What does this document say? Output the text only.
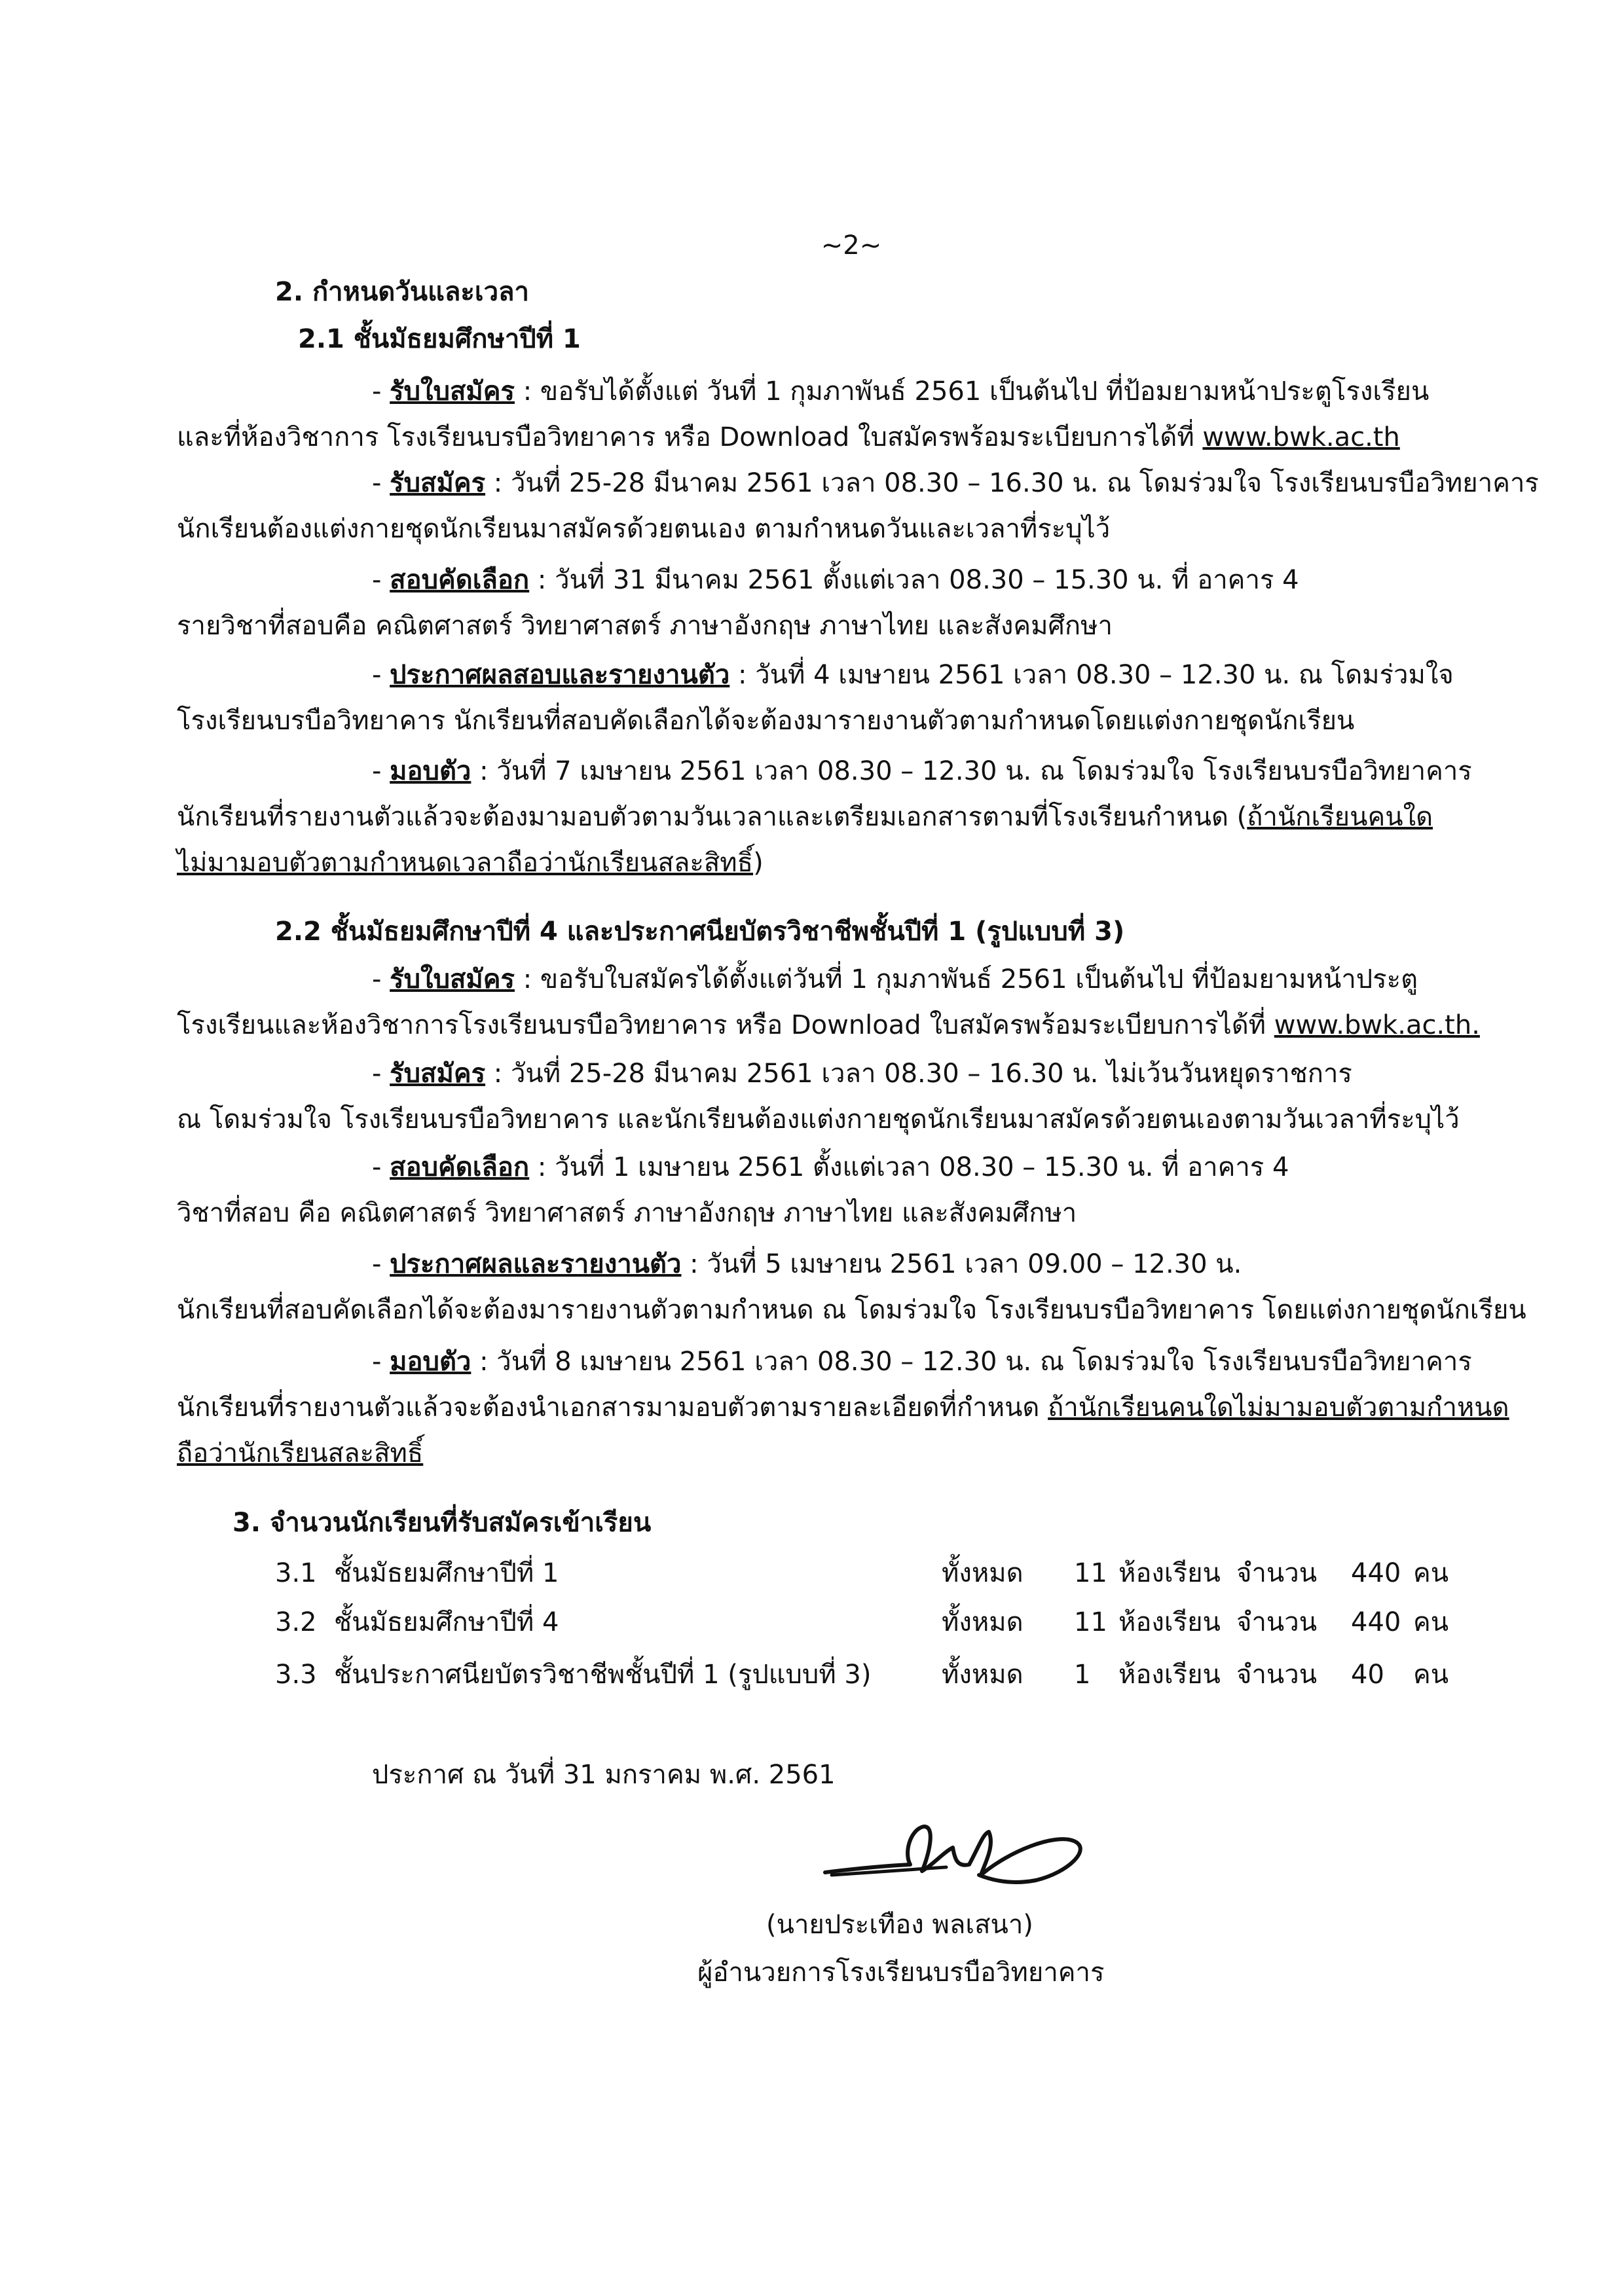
~2~
2. กำหนดวันและเวลา
2.1 ชั้นมัธยมศึกษาปีที่ 1
- รับใบสมัคร : ขอรับได้ตั้งแต่ วันที่ 1 กุมภาพันธ์ 2561 เป็นต้นไป ที่ป้อมยามหน้าประตูโรงเรียน
และที่ห้องวิชาการ โรงเรียนบรบือวิทยาคาร หรือ Download ใบสมัครพร้อมระเบียบการได้ที่ www.bwk.ac.th
- รับสมัคร : วันที่ 25-28 มีนาคม 2561 เวลา 08.30 – 16.30 น. ณ โดมร่วมใจ โรงเรียนบรบือวิทยาคาร
นักเรียนต้องแต่งกายชุดนักเรียนมาสมัครด้วยตนเอง ตามกำหนดวันและเวลาที่ระบุไว้
- สอบคัดเลือก : วันที่ 31 มีนาคม 2561 ตั้งแต่เวลา 08.30 – 15.30 น. ที่ อาคาร 4
รายวิชาที่สอบคือ คณิตศาสตร์ วิทยาศาสตร์ ภาษาอังกฤษ ภาษาไทย และสังคมศึกษา
- ประกาศผลสอบและรายงานตัว : วันที่ 4 เมษายน 2561 เวลา 08.30 – 12.30 น. ณ โดมร่วมใจ
โรงเรียนบรบือวิทยาคาร นักเรียนที่สอบคัดเลือกได้จะต้องมารายงานตัวตามกำหนดโดยแต่งกายชุดนักเรียน
- มอบตัว : วันที่ 7 เมษายน 2561 เวลา 08.30 – 12.30 น. ณ โดมร่วมใจ โรงเรียนบรบือวิทยาคาร
นักเรียนที่รายงานตัวแล้วจะต้องมามอบตัวตามวันเวลาและเตรียมเอกสารตามที่โรงเรียนกำหนด (ถ้านักเรียนคนใด
ไม่มามอบตัวตามกำหนดเวลาถือว่านักเรียนสละสิทธิ์)
2.2 ชั้นมัธยมศึกษาปีที่ 4 และประกาศนียบัตรวิชาชีพชั้นปีที่ 1 (รูปแบบที่ 3)
- รับใบสมัคร : ขอรับใบสมัครได้ตั้งแต่วันที่ 1 กุมภาพันธ์ 2561 เป็นต้นไป ที่ป้อมยามหน้าประตู
โรงเรียนและห้องวิชาการโรงเรียนบรบือวิทยาคาร หรือ Download ใบสมัครพร้อมระเบียบการได้ที่ www.bwk.ac.th.
- รับสมัคร : วันที่ 25-28 มีนาคม 2561 เวลา 08.30 – 16.30 น. ไม่เว้นวันหยุดราชการ
ณ โดมร่วมใจ โรงเรียนบรบือวิทยาคาร และนักเรียนต้องแต่งกายชุดนักเรียนมาสมัครด้วยตนเองตามวันเวลาที่ระบุไว้
- สอบคัดเลือก : วันที่ 1 เมษายน 2561 ตั้งแต่เวลา 08.30 – 15.30 น. ที่ อาคาร 4
วิชาที่สอบ คือ คณิตศาสตร์ วิทยาศาสตร์ ภาษาอังกฤษ ภาษาไทย และสังคมศึกษา
- ประกาศผลและรายงานตัว : วันที่ 5 เมษายน 2561 เวลา 09.00 – 12.30 น.
นักเรียนที่สอบคัดเลือกได้จะต้องมารายงานตัวตามกำหนด ณ โดมร่วมใจ โรงเรียนบรบือวิทยาคาร โดยแต่งกายชุดนักเรียน
- มอบตัว : วันที่ 8 เมษายน 2561 เวลา 08.30 – 12.30 น. ณ โดมร่วมใจ โรงเรียนบรบือวิทยาคาร
นักเรียนที่รายงานตัวแล้วจะต้องนำเอกสารมามอบตัวตามรายละเอียดที่กำหนด ถ้านักเรียนคนใดไม่มามอบตัวตามกำหนด
ถือว่านักเรียนสละสิทธิ์
3. จำนวนนักเรียนที่รับสมัครเข้าเรียน
3.1 ชั้นมัธยมศึกษาปีที่ 1	ทั้งหมด 11 ห้องเรียน จำนวน 440 คน
3.2 ชั้นมัธยมศึกษาปีที่ 4	ทั้งหมด 11 ห้องเรียน จำนวน 440 คน
3.3 ชั้นประกาศนียบัตรวิชาชีพชั้นปีที่ 1 (รูปแบบที่ 3)	ทั้งหมด 1 ห้องเรียน จำนวน 40 คน
ประกาศ ณ วันที่ 31 มกราคม พ.ศ. 2561
(นายประเทือง พลเสนา)
ผู้อำนวยการโรงเรียนบรบือวิทยาคาร
